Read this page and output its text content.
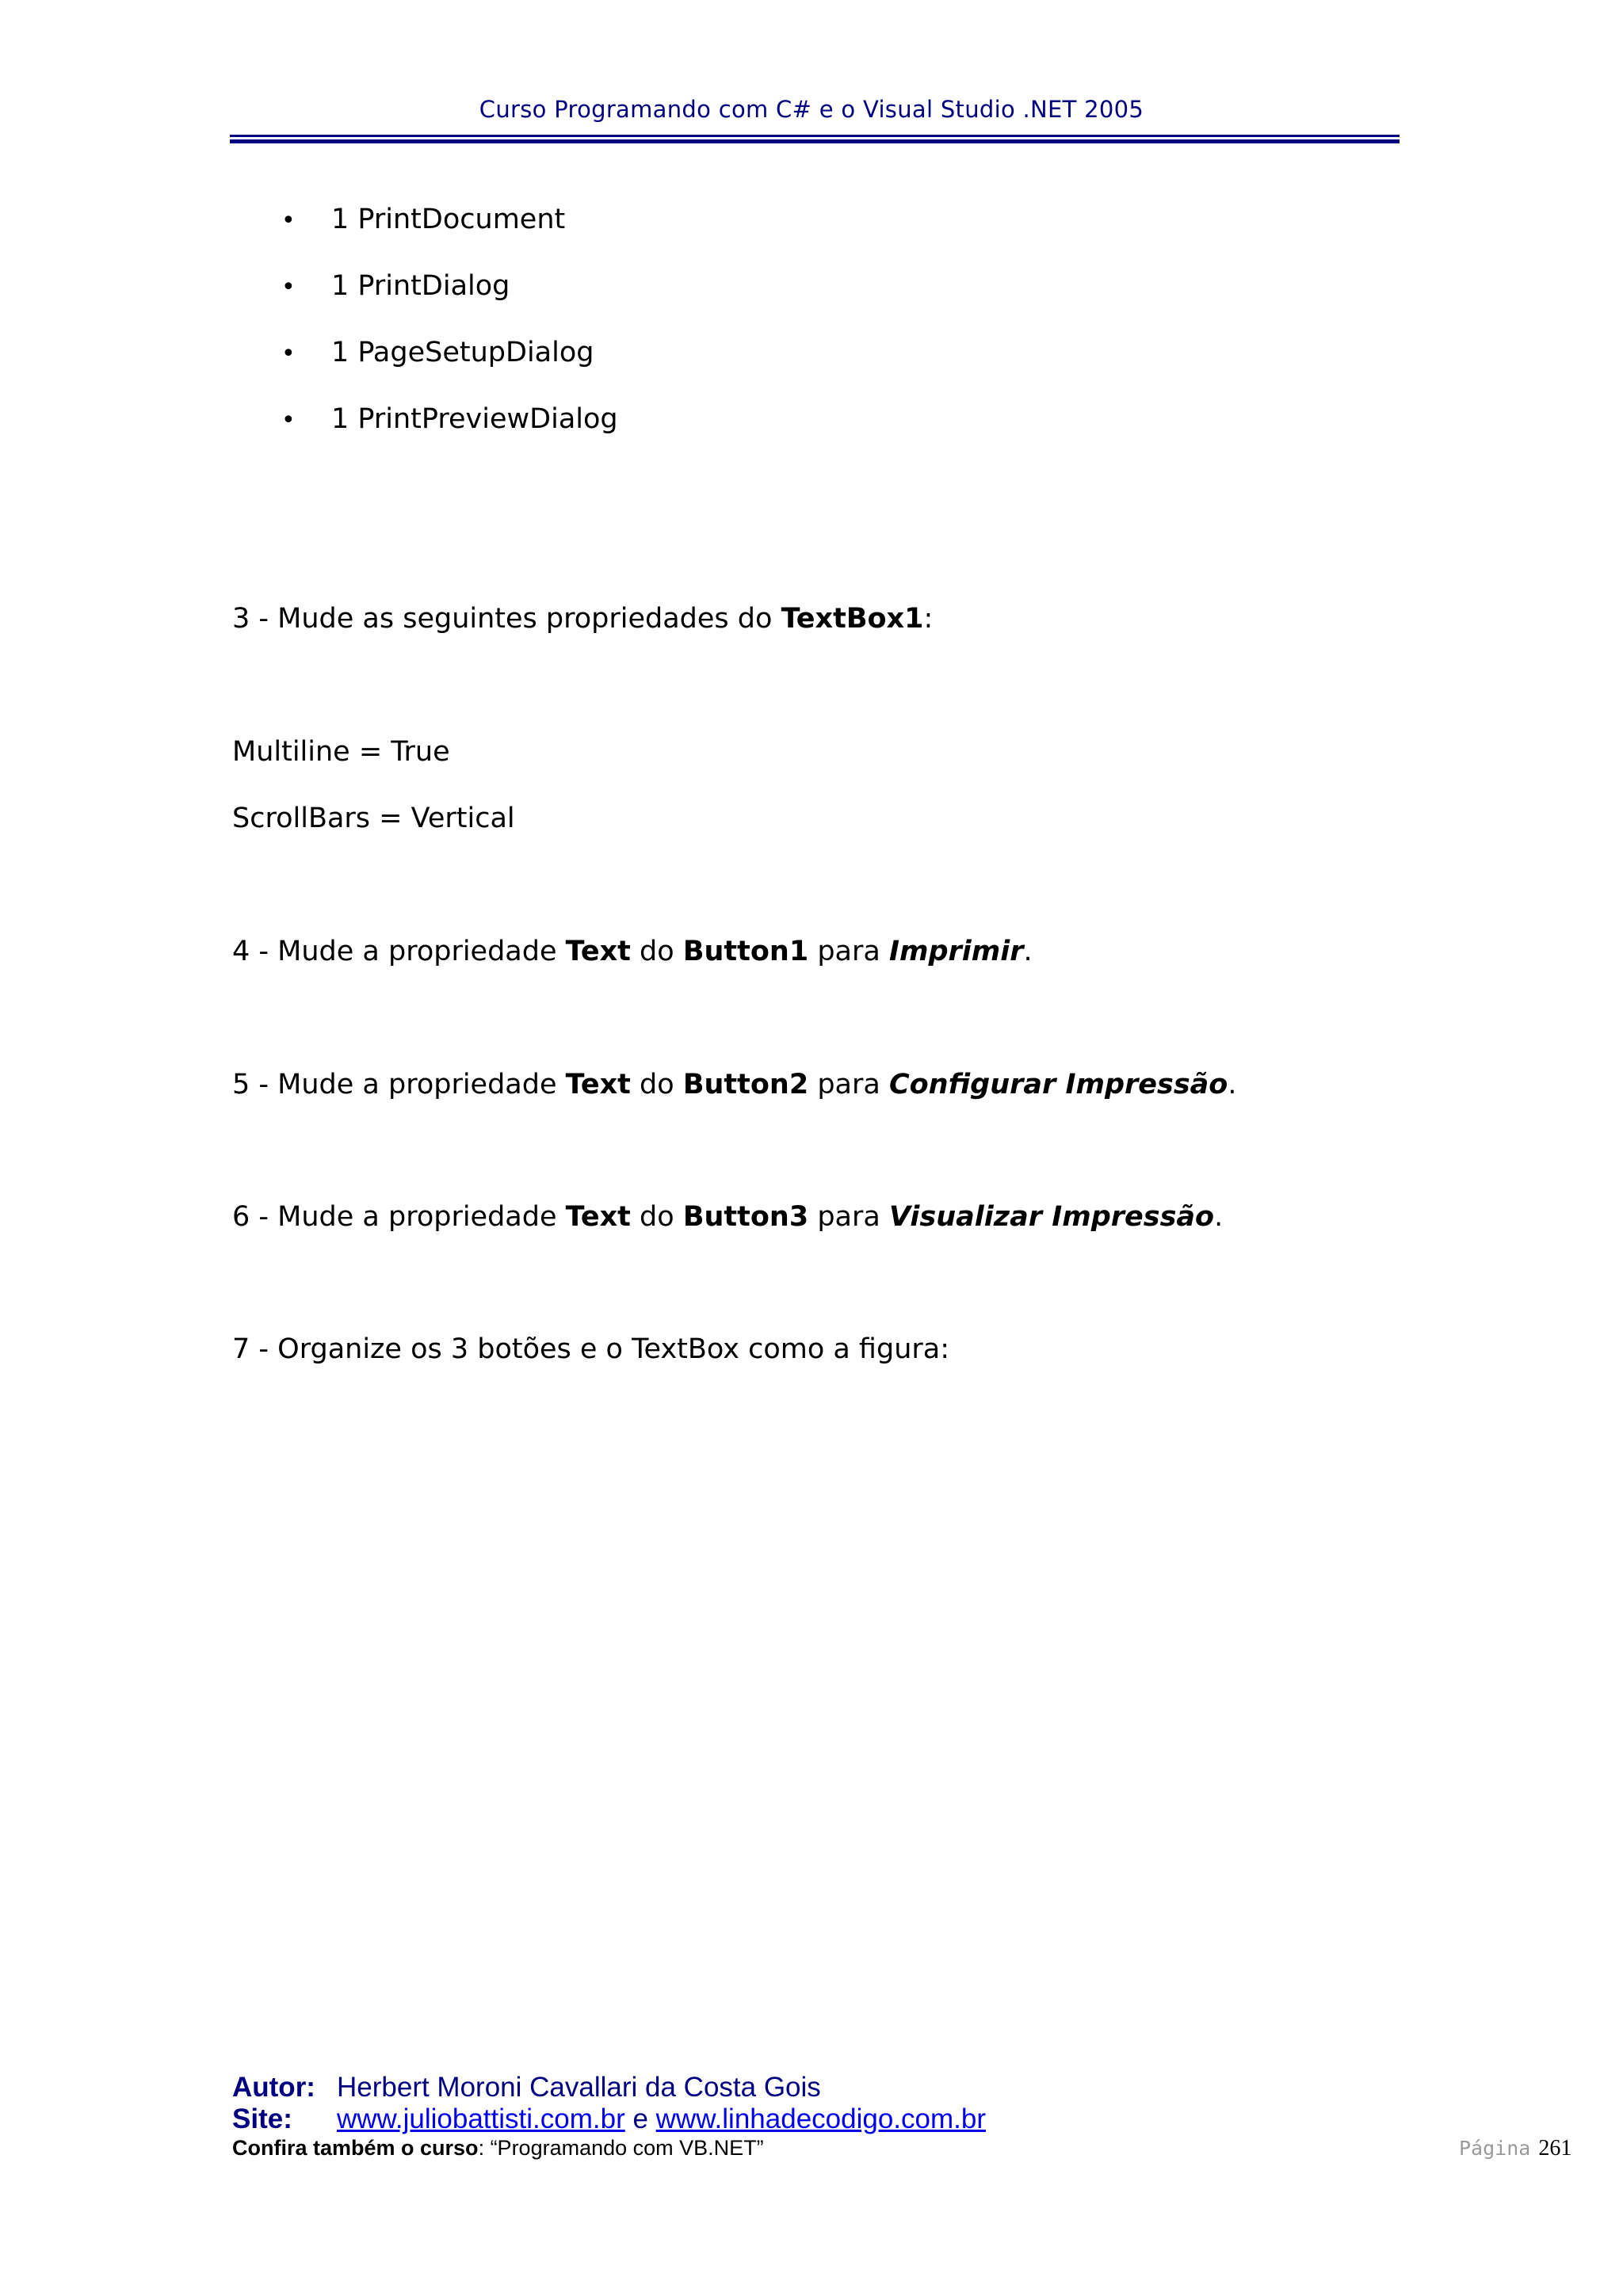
Curso Programando com C# e o Visual Studio .NET 2005
• 1 PrintDocument
• 1 PrintDialog
• 1 PageSetupDialog
• 1 PrintPreviewDialog
3 - Mude as seguintes propriedades do TextBox1:
Multiline = True
ScrollBars = Vertical
4 - Mude a propriedade Text do Button1 para Imprimir.
5 - Mude a propriedade Text do Button2 para Configurar Impressão.
6 - Mude a propriedade Text do Button3 para Visualizar Impressão.
7 - Organize os 3 botões e o TextBox como a figura:
Autor: Herbert Moroni Cavallari da Costa Gois
Site: www.juliobattisti.com.br e www.linhadecodigo.com.br
Confira também o curso: “Programando com VB.NET”	Página 261
